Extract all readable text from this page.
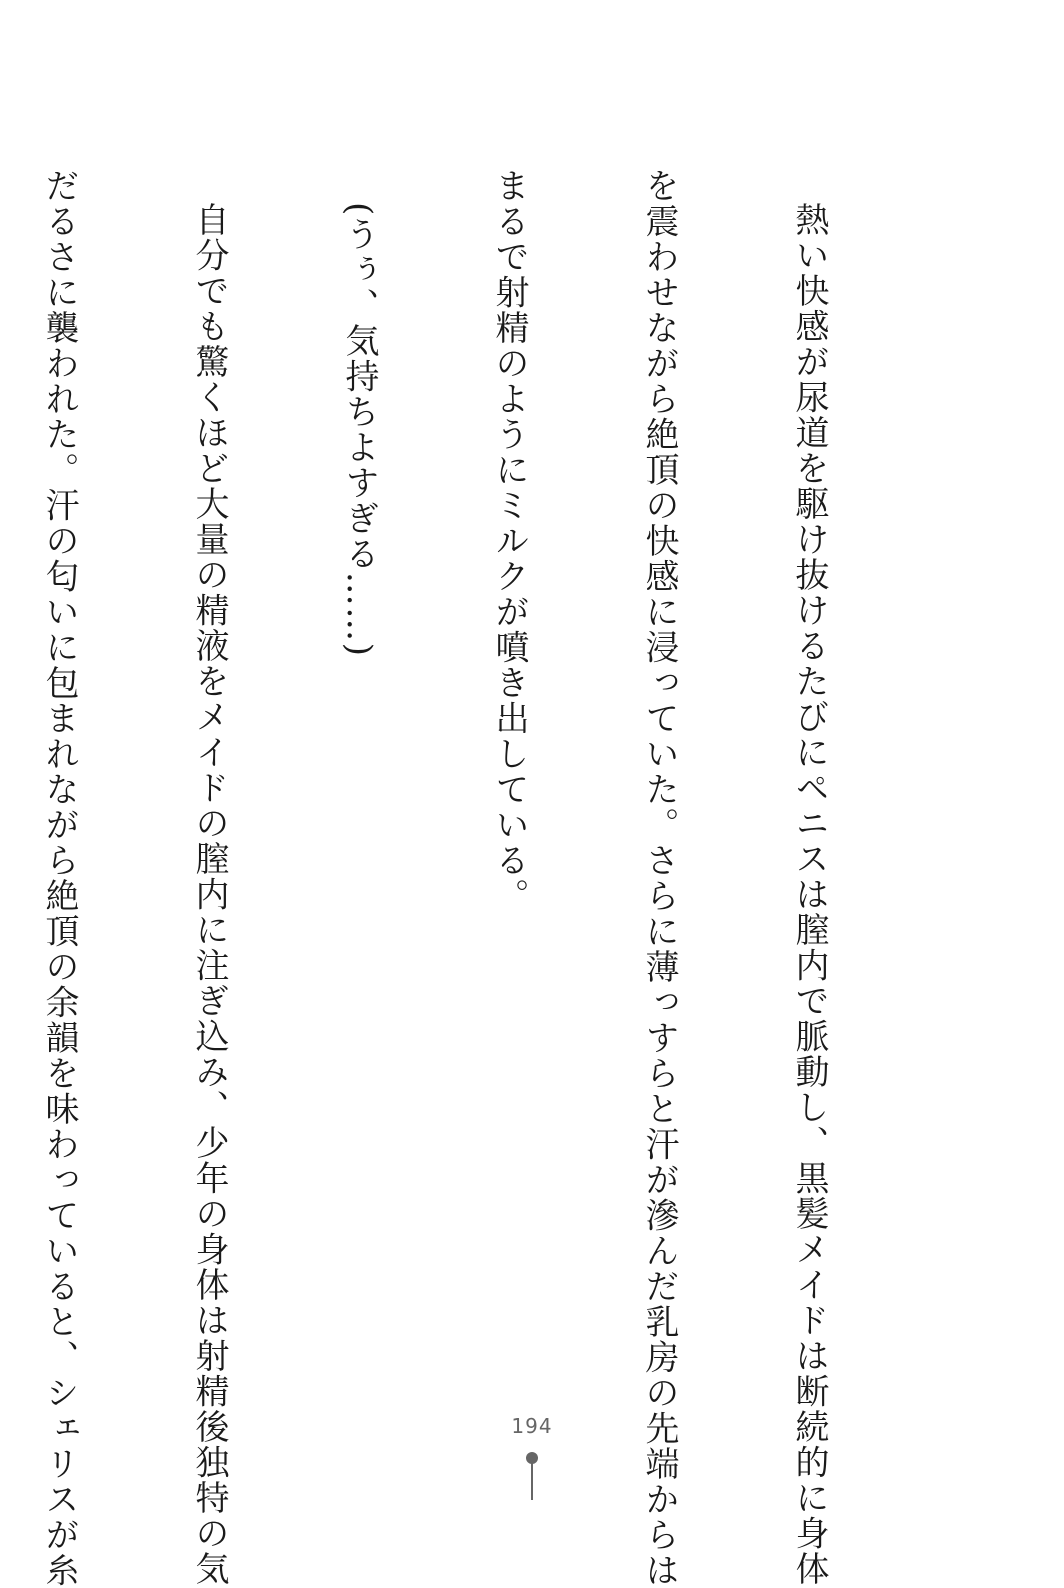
熱い快感が尿道を駆け抜けるたびにペニスは膣内で脈動し、黒髪メイドは断続的に身体

を震わせながら絶頂の快感に浸っていた。さらに薄っすらと汗が滲んだ乳房の先端からは

まるで射精のようにミルクが噴き出している。

(うぅ、気持ちよすぎる……)

自分でも驚くほど大量の精液をメイドの膣内に注ぎ込み、少年の身体は射精後独特の気

だるさに襲われた。汗の匂いに包まれながら絶頂の余韻を味わっていると、シェリスが糸

	194
